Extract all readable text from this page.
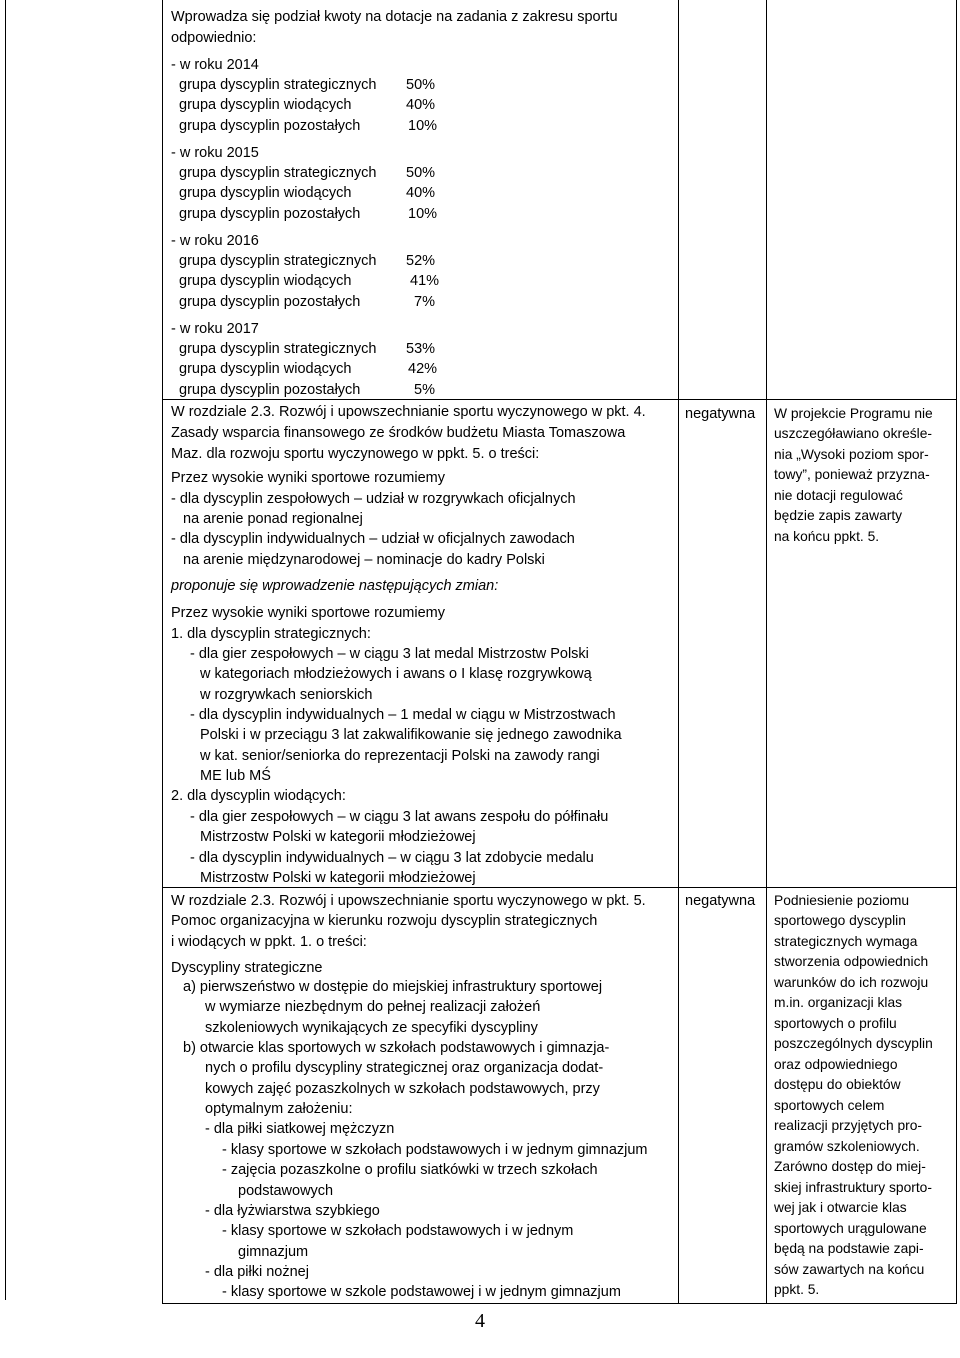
Wprowadza się podział kwoty na dotacje na zadania z zakresu sportu
odpowiednio:
- w roku 2014
grupa dyscyplin strategicznych 50%
grupa dyscyplin wiodących	40%
grupa dyscyplin pozostałych	10%
- w roku 2015
grupa dyscyplin strategicznych 50%
grupa dyscyplin wiodących	40%
grupa dyscyplin pozostałych	10%
- w roku 2016
grupa dyscyplin strategicznych 52%
grupa dyscyplin wiodących	41%
grupa dyscyplin pozostałych	7%
- w roku 2017
grupa dyscyplin strategicznych 53%
grupa dyscyplin wiodących	42%
grupa dyscyplin pozostałych	5%
W rozdziale 2.3. Rozwój i upowszechnianie sportu wyczynowego w pkt. 4.
Zasady wsparcia finansowego ze środków budżetu Miasta Tomaszowa
Maz. dla rozwoju sportu wyczynowego w ppkt. 5. o treści:
Przez wysokie wyniki sportowe rozumiemy
- dla dyscyplin zespołowych – udział w rozgrywkach oficjalnych
na arenie ponad regionalnej
- dla dyscyplin indywidualnych – udział w oficjalnych zawodach
na arenie międzynarodowej – nominacje do kadry Polski
proponuje się wprowadzenie następujących zmian:
Przez wysokie wyniki sportowe rozumiemy
1. dla dyscyplin strategicznych:
- dla gier zespołowych – w ciągu 3 lat medal Mistrzostw Polski
w kategoriach młodzieżowych i awans o I klasę rozgrywkową
w rozgrywkach seniorskich
- dla dyscyplin indywidualnych – 1 medal w ciągu w Mistrzostwach
Polski i w przeciągu 3 lat zakwalifikowanie się jednego zawodnika
w kat. senior/seniorka do reprezentacji Polski na zawody rangi
ME lub MŚ
2. dla dyscyplin wiodących:
- dla gier zespołowych – w ciągu 3 lat awans zespołu do półfinału
Mistrzostw Polski w kategorii młodzieżowej
- dla dyscyplin indywidualnych – w ciągu 3 lat zdobycie medalu
Mistrzostw Polski w kategorii młodzieżowej
negatywna W projekcie Programu nie
uszczegóławiano określe-
nia „Wysoki poziom spor-
towy”, ponieważ przyzna-
nie dotacji regulować
będzie zapis zawarty
na końcu ppkt. 5.
W rozdziale 2.3. Rozwój i upowszechnianie sportu wyczynowego w pkt. 5.
Pomoc organizacyjna w kierunku rozwoju dyscyplin strategicznych
i wiodących w ppkt. 1. o treści:
Dyscypliny strategiczne
a) pierwszeństwo w dostępie do miejskiej infrastruktury sportowej
w wymiarze niezbędnym do pełnej realizacji założeń
szkoleniowych wynikających ze specyfiki dyscypliny
b) otwarcie klas sportowych w szkołach podstawowych i gimnazja-
nych o profilu dyscypliny strategicznej oraz organizacja dodat-
kowych zajęć pozaszkolnych w szkołach podstawowych, przy
optymalnym założeniu:
- dla piłki siatkowej mężczyzn
- klasy sportowe w szkołach podstawowych i w jednym gimnazjum
- zajęcia pozaszkolne o profilu siatkówki w trzech szkołach
podstawowych
- dla łyżwiarstwa szybkiego
- klasy sportowe w szkołach podstawowych i w jednym
gimnazjum
- dla piłki nożnej
- klasy sportowe w szkole podstawowej i w jednym gimnazjum
negatywna Podniesienie poziomu
sportowego dyscyplin
strategicznych wymaga
stworzenia odpowiednich
warunków do ich rozwoju
m.in. organizacji klas
sportowych o profilu
poszczególnych dyscyplin
oraz odpowiedniego
dostępu do obiektów
sportowych celem
realizacji przyjętych pro-
gramów szkoleniowych.
Zarówno dostęp do miej-
skiej infrastruktury sporto-
wej jak i otwarcie klas
sportowych urągulowane
będą na podstawie zapi-
sów zawartych na końcu
ppkt. 5.
4
